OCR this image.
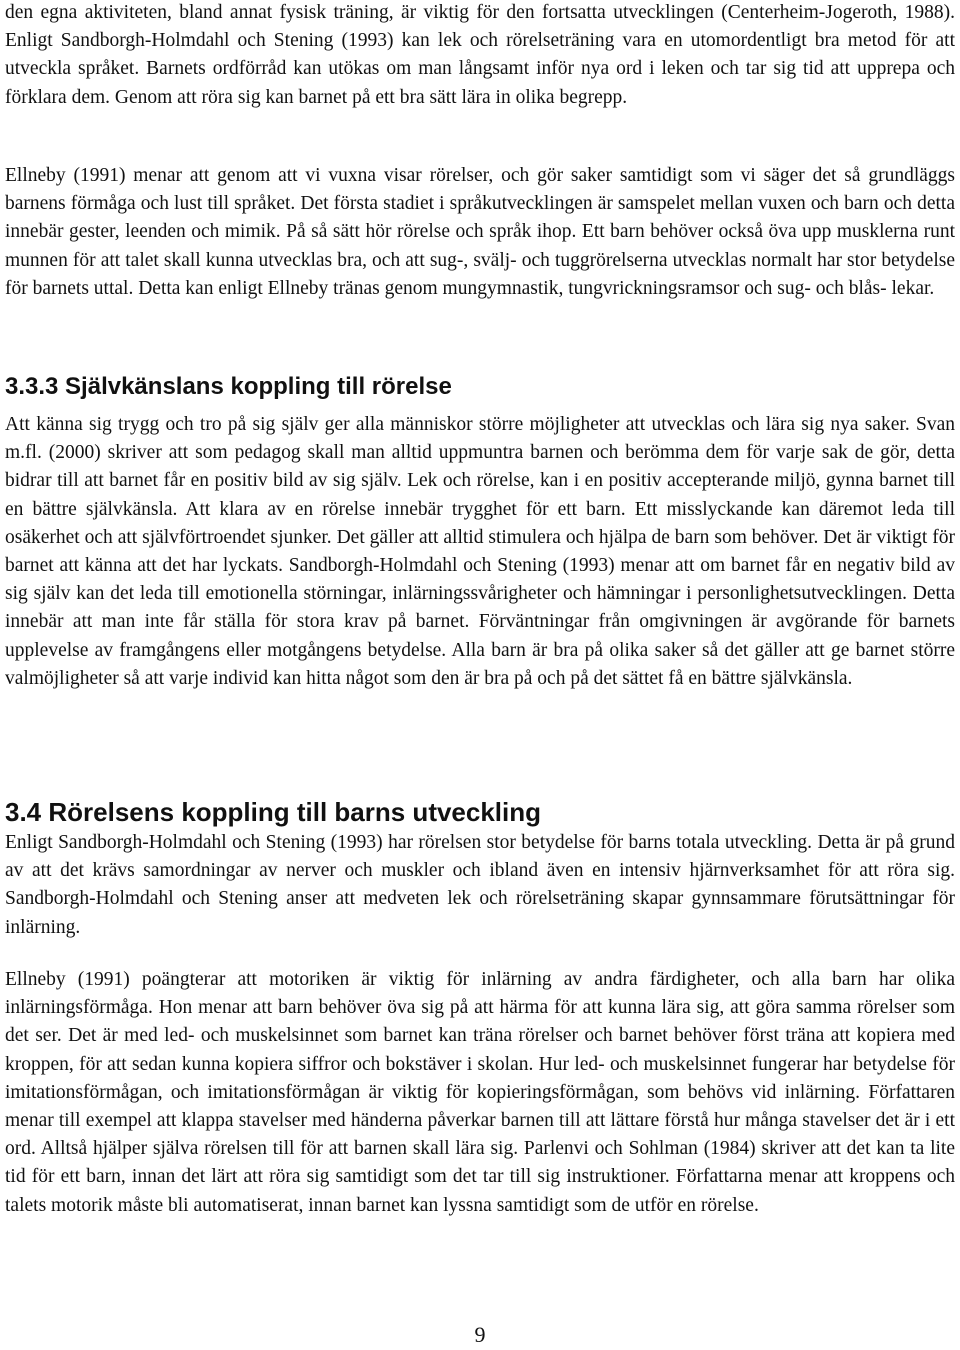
den egna aktiviteten, bland annat fysisk träning, är viktig för den fortsatta utvecklingen (Centerheim-Jogeroth, 1988). Enligt Sandborgh-Holmdahl och Stening (1993) kan lek och rörelseträning vara en utomordentligt bra metod för att utveckla språket. Barnets ordförråd kan utökas om man långsamt inför nya ord i leken och tar sig tid att upprepa och förklara dem. Genom att röra sig kan barnet på ett bra sätt lära in olika begrepp.

Ellneby (1991) menar att genom att vi vuxna visar rörelser, och gör saker samtidigt som vi säger det så grundläggs barnens förmåga och lust till språket. Det första stadiet i språkutvecklingen är samspelet mellan vuxen och barn och detta innebär gester, leenden och mimik. På så sätt hör rörelse och språk ihop. Ett barn behöver också öva upp musklerna runt munnen för att talet skall kunna utvecklas bra, och att sug-, svälj- och tuggrörelserna utvecklas normalt har stor betydelse för barnets uttal. Detta kan enligt Ellneby tränas genom mungymnastik, tungvrickningsramsor och sug- och blås- lekar.

3.3.3 Självkänslans koppling till rörelse

Att känna sig trygg och tro på sig själv ger alla människor större möjligheter att utvecklas och lära sig nya saker. Svan m.fl. (2000) skriver att som pedagog skall man alltid uppmuntra barnen och berömma dem för varje sak de gör, detta bidrar till att barnet får en positiv bild av sig själv. Lek och rörelse, kan i en positiv accepterande miljö, gynna barnet till en bättre självkänsla. Att klara av en rörelse innebär trygghet för ett barn. Ett misslyckande kan däremot leda till osäkerhet och att självförtroendet sjunker. Det gäller att alltid stimulera och hjälpa de barn som behöver. Det är viktigt för barnet att känna att det har lyckats. Sandborgh-Holmdahl och Stening (1993) menar att om barnet får en negativ bild av sig själv kan det leda till emotionella störningar, inlärningssvårigheter och hämningar i personlighetsutvecklingen. Detta innebär att man inte får ställa för stora krav på barnet. Förväntningar från omgivningen är avgörande för barnets upplevelse av framgångens eller motgångens betydelse. Alla barn är bra på olika saker så det gäller att ge barnet större valmöjligheter så att varje individ kan hitta något som den är bra på och på det sättet få en bättre självkänsla.

3.4 Rörelsens koppling till barns utveckling

Enligt Sandborgh-Holmdahl och Stening (1993) har rörelsen stor betydelse för barns totala utveckling. Detta är på grund av att det krävs samordningar av nerver och muskler och ibland även en intensiv hjärnverksamhet för att röra sig. Sandborgh-Holmdahl och Stening anser att medveten lek och rörelseträning skapar gynnsammare förutsättningar för inlärning.

Ellneby (1991) poängterar att motoriken är viktig för inlärning av andra färdigheter, och alla barn har olika inlärningsförmåga. Hon menar att barn behöver öva sig på att härma för att kunna lära sig, att göra samma rörelser som det ser. Det är med led- och muskelsinnet som barnet kan träna rörelser och barnet behöver först träna att kopiera med kroppen, för att sedan kunna kopiera siffror och bokstäver i skolan. Hur led- och muskelsinnet fungerar har betydelse för imitationsförmågan, och imitationsförmågan är viktig för kopieringsförmågan, som behövs vid inlärning. Författaren menar till exempel att klappa stavelser med händerna påverkar barnen till att lättare förstå hur många stavelser det är i ett ord. Alltså hjälper själva rörelsen till för att barnen skall lära sig. Parlenvi och Sohlman (1984) skriver att det kan ta lite tid för ett barn, innan det lärt att röra sig samtidigt som det tar till sig instruktioner. Författarna menar att kroppens och talets motorik måste bli automatiserat, innan barnet kan lyssna samtidigt som de utför en rörelse.

9
